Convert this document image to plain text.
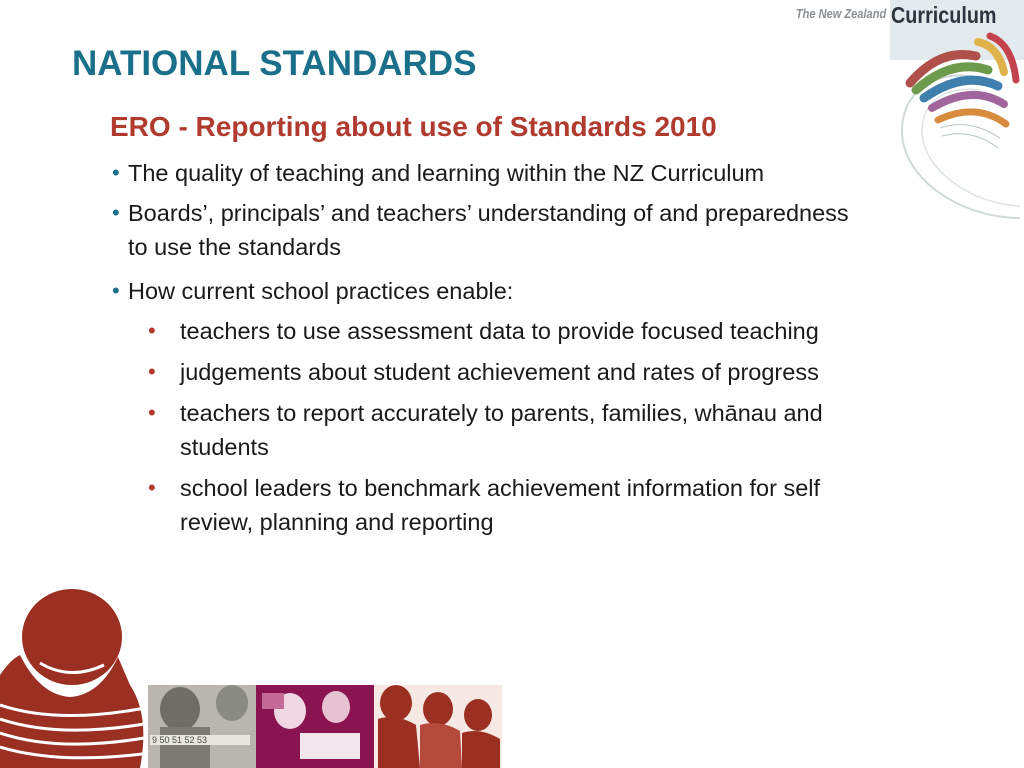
The New Zealand Curriculum
NATIONAL STANDARDS
ERO - Reporting about use of Standards 2010
• The quality of teaching and learning within the NZ Curriculum
• Boards’, principals’ and teachers’ understanding of and preparedness to use the standards
• How current school practices enable:
• teachers to use assessment data to provide focused teaching
• judgements about student achievement and rates of progress
• teachers to report accurately to parents, families, whānau and students
• school leaders to benchmark achievement information for self review, planning and reporting
9 50 51 52 53
